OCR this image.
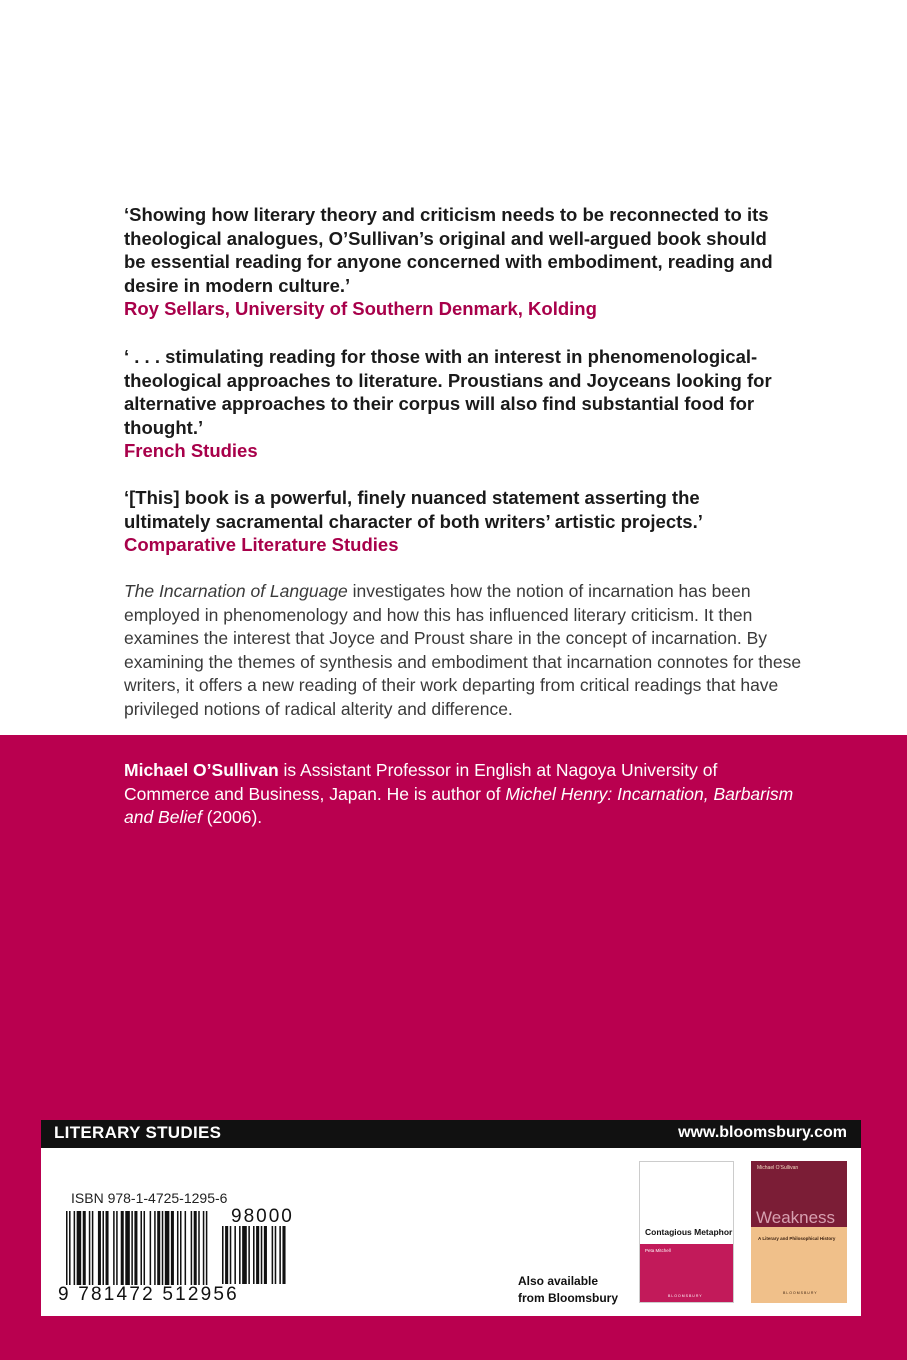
‘Showing how literary theory and criticism needs to be reconnected to its theological analogues, O’Sullivan’s original and well-argued book should be essential reading for anyone concerned with embodiment, reading and desire in modern culture.’

Roy Sellars, University of Southern Denmark, Kolding

‘ . . . stimulating reading for those with an interest in phenomenological-theological approaches to literature. Proustians and Joyceans looking for alternative approaches to their corpus will also find substantial food for thought.’

French Studies

‘[This] book is a powerful, finely nuanced statement asserting the ultimately sacramental character of both writers’ artistic projects.’

Comparative Literature Studies

The Incarnation of Language investigates how the notion of incarnation has been employed in phenomenology and how this has influenced literary criticism. It then examines the interest that Joyce and Proust share in the concept of incarnation. By examining the themes of synthesis and embodiment that incarnation connotes for these writers, it offers a new reading of their work departing from critical readings that have privileged notions of radical alterity and difference.
Michael O’Sullivan is Assistant Professor in English at Nagoya University of Commerce and Business, Japan. He is author of Michel Henry: Incarnation, Barbarism and Belief (2006).
LITERARY STUDIES	www.bloomsbury.com
ISBN 978-1-4725-1295-6
98000
9 781472 512956
Also available
from Bloomsbury
Contagious Metaphor
Peta Mitchell
BLOOMSBURY
Michael O’Sullivan
Weakness
A Literary and Philosophical History
BLOOMSBURY
